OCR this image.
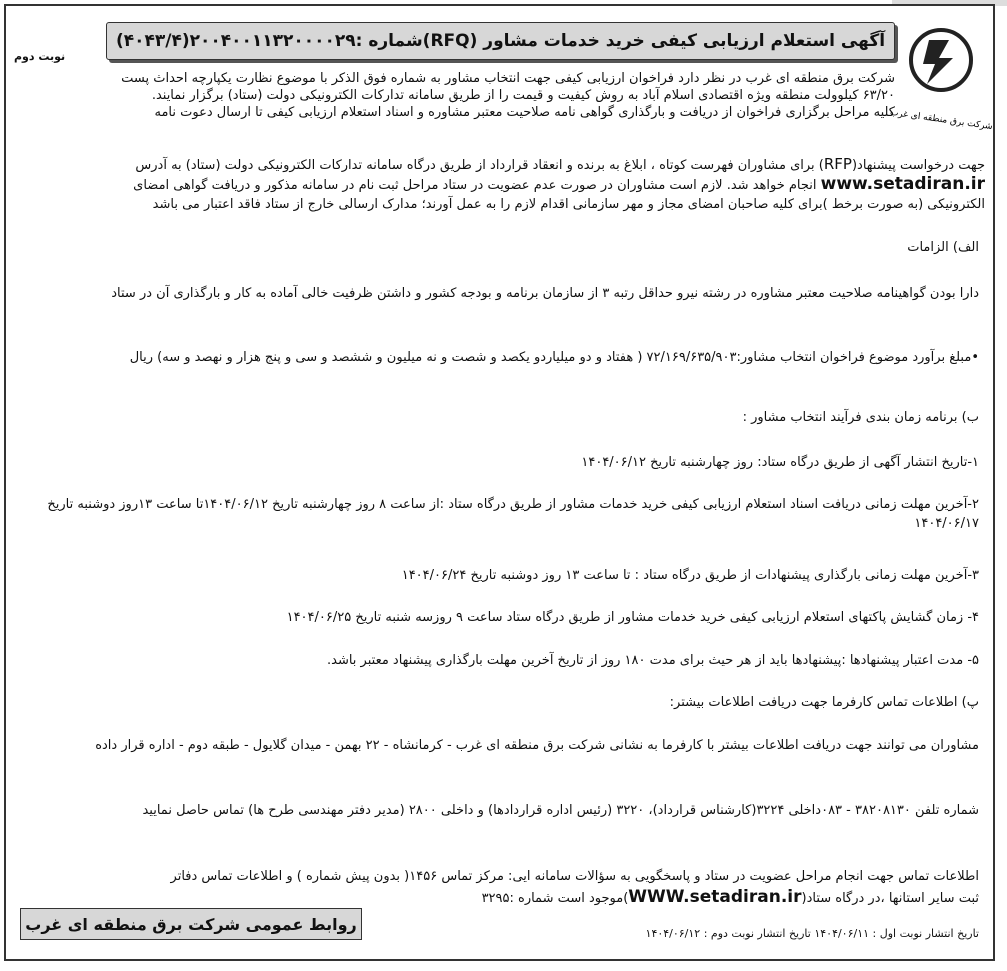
شرکت برق منطقه ای غرب
آگهی استعلام ارزیابی کیفی خرید خدمات مشاور (RFQ)شماره :۲۰۰۴۰۰۱۱۳۲۰۰۰۰۲۹(۴۰۴۳/۴)
نوبت دوم
شرکت برق منطقه ای غرب در نظر دارد فراخوان ارزیابی کیفی جهت انتخاب مشاور به شماره فوق الذکر با موضوع نظارت یکپارچه احداث پست
۶۳/۲۰ کیلوولت منطقه ویژه اقتصادی اسلام آباد به روش کیفیت و قیمت را از طریق سامانه تدارکات الکترونیکی دولت (ستاد) برگزار نمایند.
کلیه مراحل برگزاری فراخوان از دریافت و بارگذاری گواهی نامه صلاحیت معتبر مشاوره و اسناد استعلام ارزیابی کیفی تا ارسال دعوت نامه
جهت درخواست پیشنهاد(RFP) برای مشاوران فهرست کوتاه ، ابلاغ به برنده و انعقاد قرارداد از طریق درگاه سامانه تدارکات الکترونیکی دولت (ستاد) به آدرس
www.setadiran.ir انجام خواهد شد. لازم است مشاوران در صورت عدم عضویت در ستاد مراحل ثبت نام در سامانه مذکور و دریافت گواهی امضای
الکترونیکی (به صورت برخط )برای کلیه صاحبان امضای مجاز و مهر سازمانی اقدام لازم را به عمل آورند؛ مدارک ارسالی خارج از ستاد فاقد اعتبار می باشد
الف) الزامات
دارا بودن گواهینامه صلاحیت معتبر مشاوره در رشته نیرو حداقل رتبه ۳ از سازمان برنامه و بودجه کشور و داشتن ظرفیت خالی آماده به کار و بارگذاری آن در ستاد
•مبلغ برآورد موضوع فراخوان انتخاب مشاور:۷۲/۱۶۹/۶۳۵/۹۰۳ ( هفتاد و دو میلیاردو یکصد و شصت و نه میلیون و ششصد و سی و پنج هزار و نهصد و سه) ریال
ب) برنامه زمان بندی فرآیند انتخاب مشاور :
۱-تاریخ انتشار آگهی از طریق درگاه ستاد: روز چهارشنبه تاریخ ۱۴۰۴/۰۶/۱۲
۲-آخرین مهلت زمانی دریافت اسناد استعلام ارزیابی کیفی خرید خدمات مشاور از طریق درگاه ستاد :از ساعت ۸ روز چهارشنبه تاریخ ۱۴۰۴/۰۶/۱۲تا ساعت ۱۳روز دوشنبه تاریخ ۱۴۰۴/۰۶/۱۷
۳-آخرین مهلت زمانی بارگذاری پیشنهادات از طریق درگاه ستاد : تا ساعت ۱۳ روز دوشنبه تاریخ ۱۴۰۴/۰۶/۲۴
۴- زمان گشایش پاکتهای استعلام ارزیابی کیفی خرید خدمات مشاور از طریق درگاه ستاد ساعت ۹ روزسه شنبه تاریخ ۱۴۰۴/۰۶/۲۵
۵- مدت اعتبار پیشنهادها :پیشنهادها باید از هر حیث برای مدت ۱۸۰ روز از تاریخ آخرین مهلت بارگذاری پیشنهاد معتبر باشد.
پ) اطلاعات تماس کارفرما جهت دریافت اطلاعات بیشتر:
مشاوران می توانند جهت دریافت اطلاعات بیشتر با کارفرما به نشانی شرکت برق منطقه ای غرب - کرمانشاه - ۲۲ بهمن - میدان گلایول - طبقه دوم - اداره قرار داده
شماره تلفن ۳۸۲۰۸۱۳۰ - ۰۸۳داخلی ۳۲۲۴(کارشناس قرارداد)، ۳۲۲۰ (رئیس اداره قراردادها) و داخلی ۲۸۰۰ (مدیر دفتر مهندسی طرح ها) تماس حاصل نمایید
اطلاعات تماس جهت انجام مراحل عضویت در ستاد و پاسخگویی به سؤالات سامانه ایی: مرکز تماس ۱۴۵۶( بدون پیش شماره ) و اطلاعات تماس دفاتر
ثبت سایر استانها ،در درگاه ستاد(WWW.setadiran.ir)موجود است شماره :۳۲۹۵
تاریخ انتشار نوبت اول : ۱۴۰۴/۰۶/۱۱ تاریخ انتشار نوبت دوم : ۱۴۰۴/۰۶/۱۲
روابط عمومی شرکت برق منطقه ای غرب
